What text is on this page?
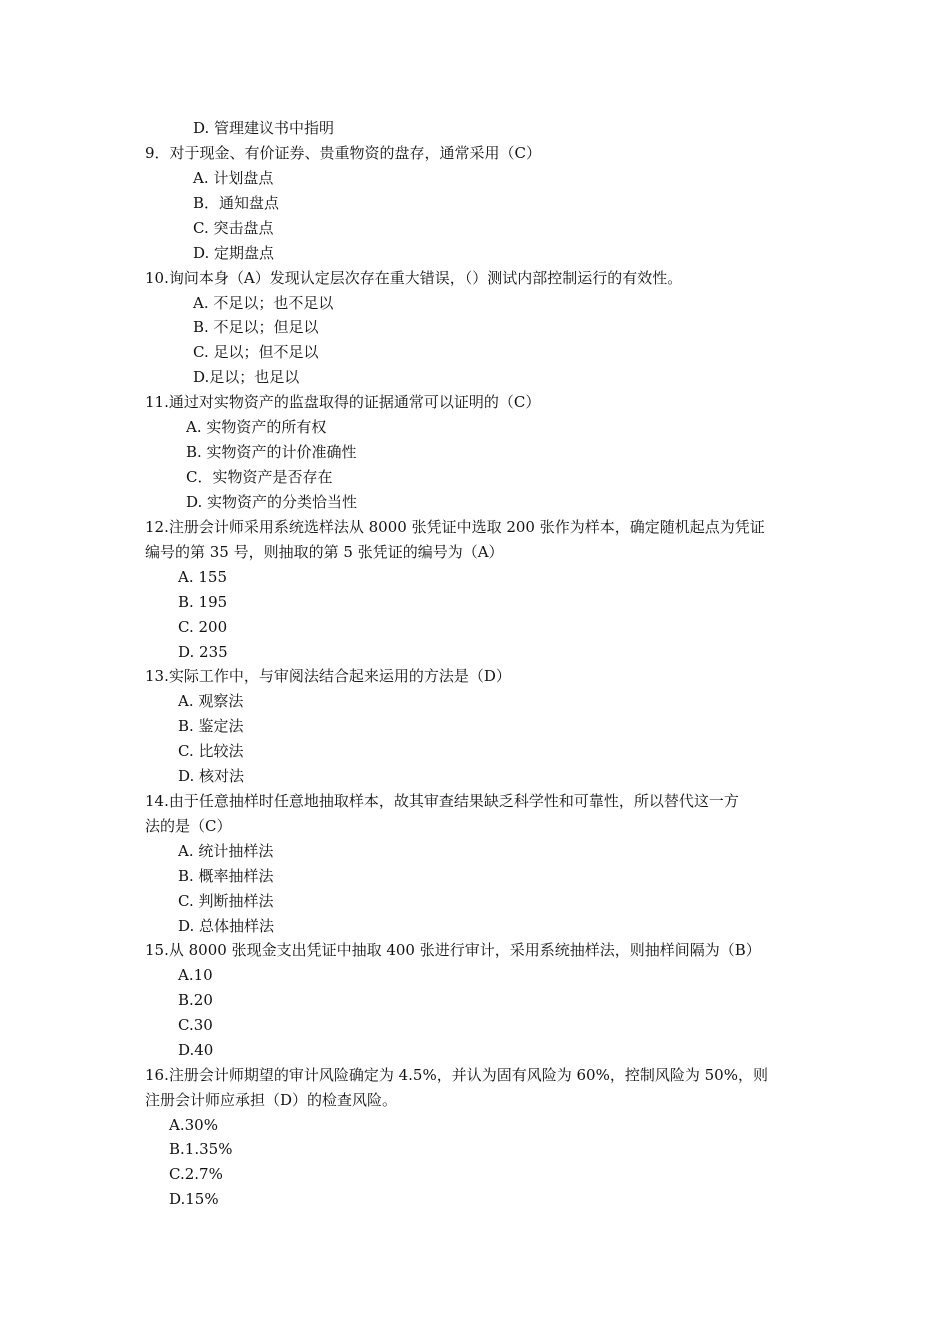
D. 管理建议书中指明
9．对于现金、有价证券、贵重物资的盘存，通常采用（C）
A. 计划盘点
B．通知盘点
C. 突击盘点
D. 定期盘点
10.询问本身（A）发现认定层次存在重大错误，（）测试内部控制运行的有效性。
A. 不足以；也不足以
B. 不足以；但足以
C. 足以；但不足以
D.足以；也足以
11.通过对实物资产的监盘取得的证据通常可以证明的（C）
A. 实物资产的所有权
B. 实物资产的计价准确性
C．实物资产是否存在
D. 实物资产的分类恰当性
12.注册会计师采用系统选样法从 8000 张凭证中选取 200 张作为样本，确定随机起点为凭证
编号的第 35 号，则抽取的第 5 张凭证的编号为（A）
A. 155
B. 195
C. 200
D. 235
13.实际工作中，与审阅法结合起来运用的方法是（D）
A. 观察法
B. 鉴定法
C. 比较法
D. 核对法
14.由于任意抽样时任意地抽取样本，故其审查结果缺乏科学性和可靠性，所以替代这一方
法的是（C）
A. 统计抽样法
B. 概率抽样法
C. 判断抽样法
D. 总体抽样法
15.从 8000 张现金支出凭证中抽取 400 张进行审计，采用系统抽样法，则抽样间隔为（B）
A.10
B.20
C.30
D.40
16.注册会计师期望的审计风险确定为 4.5%，并认为固有风险为 60%，控制风险为 50%，则
注册会计师应承担（D）的检查风险。
A.30%
B.1.35%
C.2.7%
D.15%
